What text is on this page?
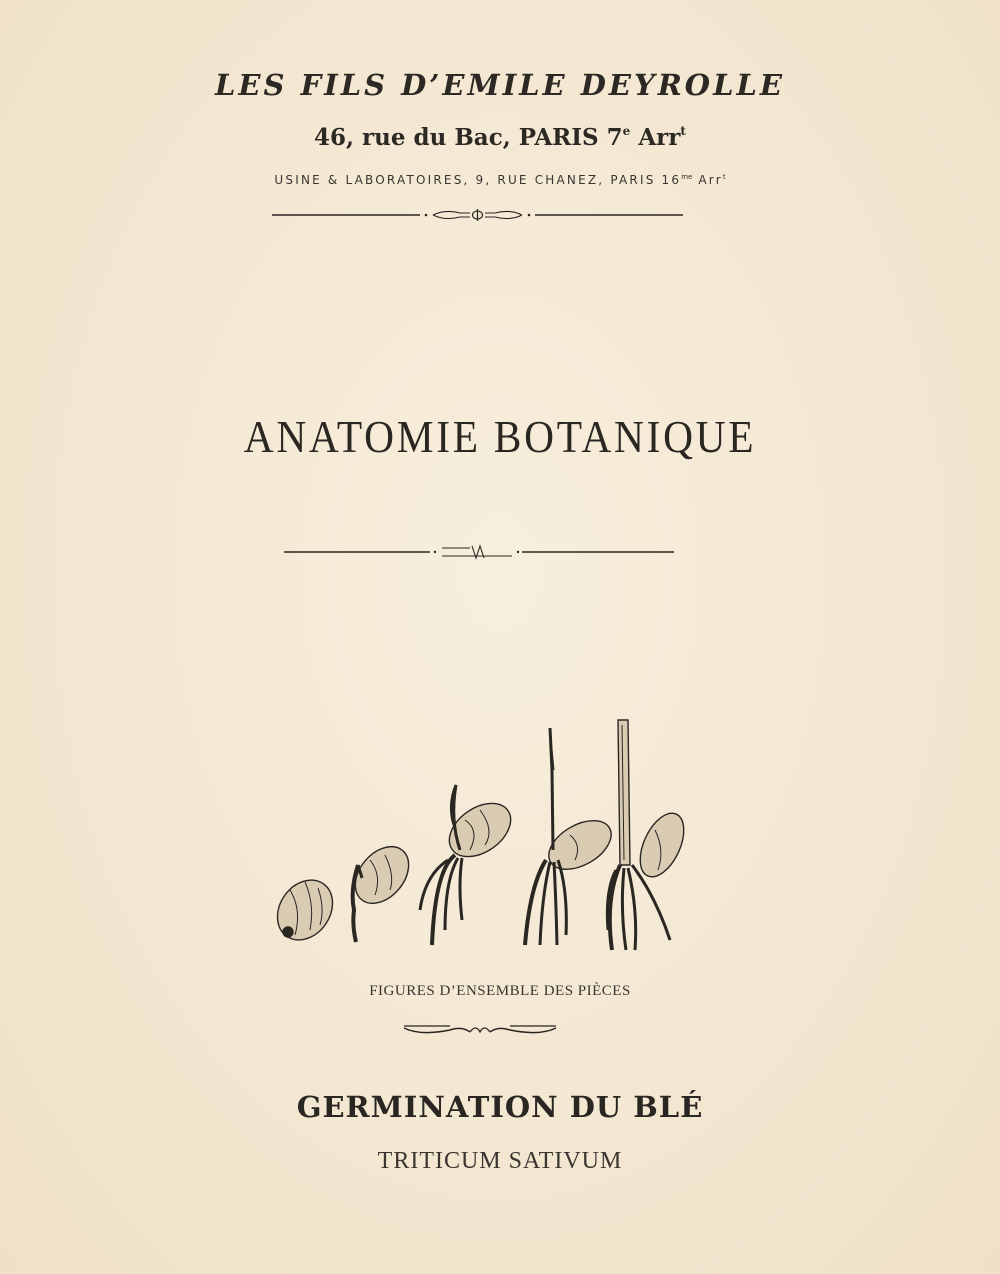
LES FILS D’EMILE DEYROLLE
46, rue du Bac, PARIS 7e Arr$^t$
USINE & LABORATOIRES, 9, RUE CHANEZ, PARIS $16^{me}$ Arr$^t$
ANATOMIE BOTANIQUE
FIGURES D’ENSEMBLE DES PIÈCES
GERMINATION DU BLÉ
TRITICUM SATIVUM
